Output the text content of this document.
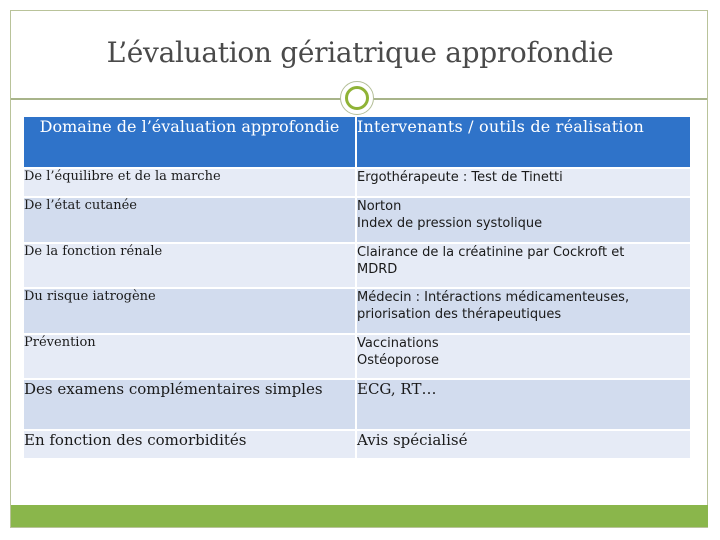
L’évaluation gériatrique approfondie
Domaine de l’évaluation approfondie	Intervenants / outils de réalisation
De l’équilibre et de la marche	Ergothérapeute : Test de Tinetti

De l’état cutanée	Norton
Index de pression systolique

De la fonction rénale	Clairance de la créatinine par Cockroft et
MDRD

Du risque iatrogène	Médecin : Intéractions médicamenteuses,
priorisation des thérapeutiques

Prévention	Vaccinations
Ostéoporose

Des examens complémentaires simples	ECG, RT…

En fonction des comorbidités	Avis spécialisé
